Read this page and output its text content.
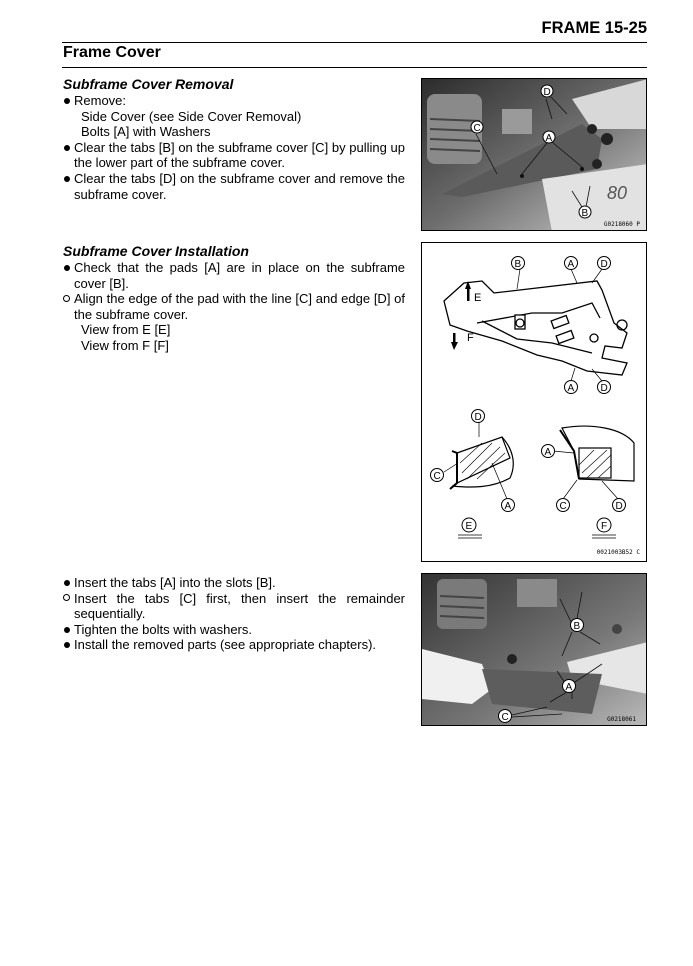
FRAME 15-25
Frame Cover
Subframe Cover Removal
Remove:
Side Cover (see Side Cover Removal)
Bolts [A] with Washers
Clear the tabs [B] on the subframe cover [C] by pulling up the lower part of the subframe cover.
Clear the tabs [D] on the subframe cover and remove the subframe cover.
Subframe Cover Installation
Check that the pads [A] are in place on the subframe cover [B].
Align the edge of the pad with the line [C] and edge [D] of the subframe cover.
View from E [E]
View from F [F]
Insert the tabs [A] into the slots [B].
Insert the tabs [C] first, then insert the remainder sequentially.
Tighten the bolts with washers.
Install the removed parts (see appropriate chapters).
80
D
A
C
B
G0218060 P
E
F
B	A	D
A	D
D
C
A
E
A
C	D
F
0021003B52 C
B
A
C	G0218061
